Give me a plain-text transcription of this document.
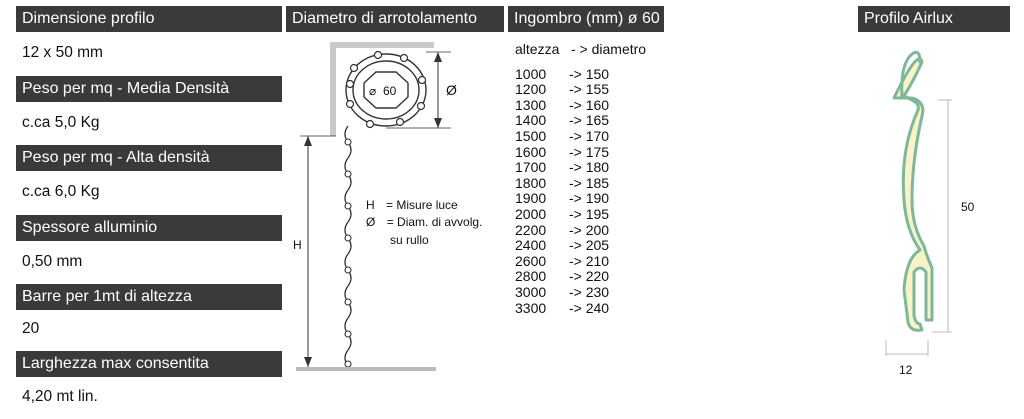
Dimensione profilo
12 x 50 mm
Peso per mq - Media Densità
c.ca 5,0 Kg
Peso per mq - Alta densità
c.ca 6,0 Kg
Spessore alluminio
0,50 mm
Barre per 1mt di altezza
20
Larghezza max consentita
4,20 mt lin.
Diametro di arrotolamento
⌀ 60	Ø
H
H = Misure luce
Ø = Diam. di avvolg.
su rullo
Ingombro (mm) ø 60
altezza - > diametro
1000	-> 150
1200	-> 155
1300	-> 160
1400	-> 165
1500	-> 170
1600	-> 175
1700	-> 180
1800	-> 185
1900	-> 190
2000	-> 195
2200	-> 200
2400	-> 205
2600	-> 210
2800	-> 220
3000	-> 230
3300	-> 240
Profilo Airlux
50
12
